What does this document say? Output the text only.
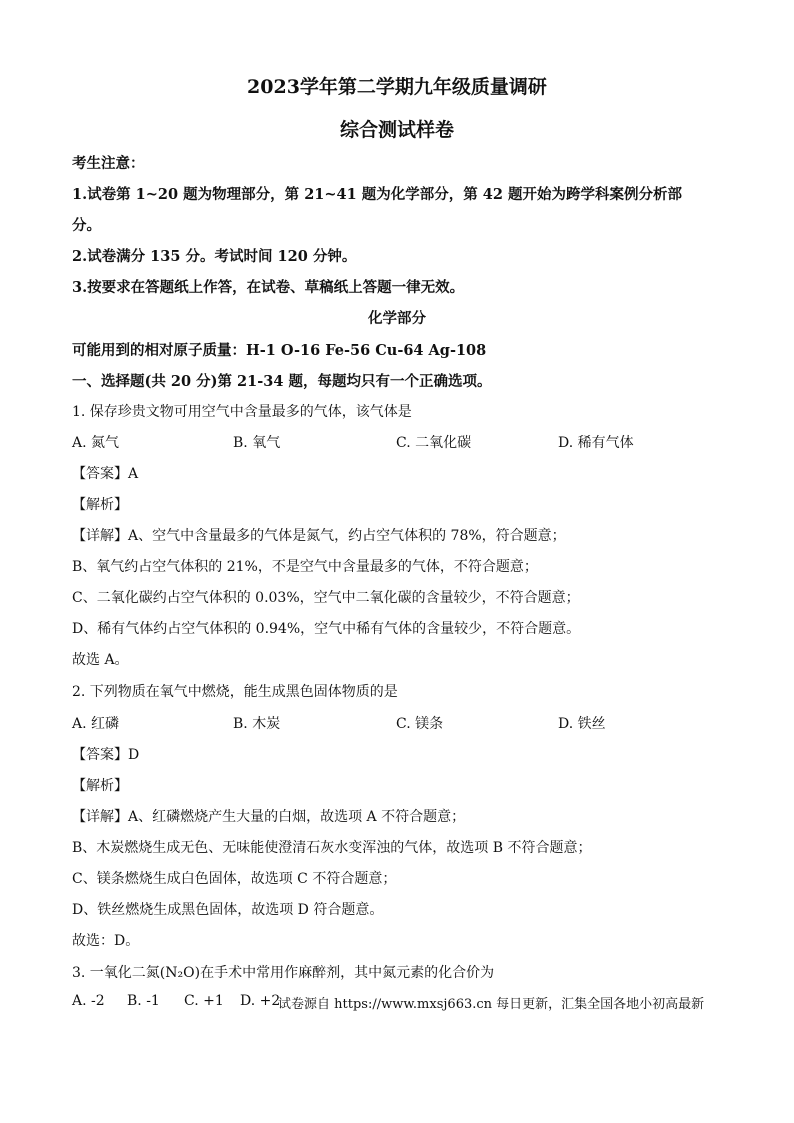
2023学年第二学期九年级质量调研
综合测试样卷
考生注意：
1.试卷第 1~20 题为物理部分，第 21~41 题为化学部分，第 42 题开始为跨学科案例分析部
分。
2.试卷满分 135 分。考试时间 120 分钟。
3.按要求在答题纸上作答，在试卷、草稿纸上答题一律无效。
化学部分
可能用到的相对原子质量：H-1 O-16 Fe-56 Cu-64 Ag-108
一、选择题(共 20 分)第 21-34 题，每题均只有一个正确选项。
1. 保存珍贵文物可用空气中含量最多的气体，该气体是
A. 氮气	B. 氧气	C. 二氧化碳	D. 稀有气体
【答案】A
【解析】
【详解】A、空气中含量最多的气体是氮气，约占空气体积的 78%，符合题意；
B、氧气约占空气体积的 21%，不是空气中含量最多的气体，不符合题意；
C、二氧化碳约占空气体积的 0.03%，空气中二氧化碳的含量较少，不符合题意；
D、稀有气体约占空气体积的 0.94%，空气中稀有气体的含量较少，不符合题意。
故选 A。
2. 下列物质在氧气中燃烧，能生成黑色固体物质的是
A. 红磷	B. 木炭	C. 镁条	D. 铁丝
【答案】D
【解析】
【详解】A、红磷燃烧产生大量的白烟，故选项 A 不符合题意；
B、木炭燃烧生成无色、无味能使澄清石灰水变浑浊的气体，故选项 B 不符合题意；
C、镁条燃烧生成白色固体，故选项 C 不符合题意；
D、铁丝燃烧生成黑色固体，故选项 D 符合题意。
故选：D。
3. 一氧化二氮(N₂O)在手术中常用作麻醉剂，其中氮元素的化合价为
A. -2 B. -1 C. +1 D. +2
试卷源自 https://www.mxsj663.cn 每日更新，汇集全国各地小初高最新
